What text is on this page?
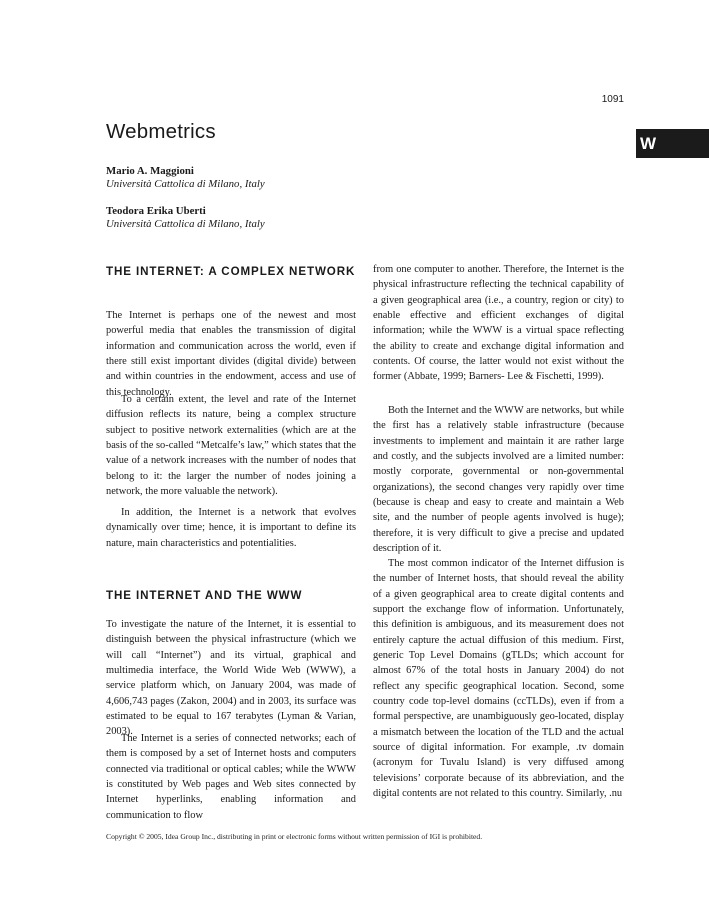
1091
W
Webmetrics
Mario A. Maggioni
Università Cattolica di Milano, Italy
Teodora Erika Uberti
Università Cattolica di Milano, Italy
THE INTERNET: A COMPLEX NETWORK

The Internet is perhaps one of the newest and most powerful media that enables the transmission of digital information and communication across the world, even if there still exist important divides (digital divide) between and within countries in the endowment, access and use of this technology.

To a certain extent, the level and rate of the Internet diffusion reflects its nature, being a complex structure subject to positive network externalities (which are at the basis of the so-called “Metcalfe’s law,” which states that the value of a network increases with the number of nodes that belong to it: the larger the number of nodes joining a network, the more valuable the network).

In addition, the Internet is a network that evolves dynamically over time; hence, it is important to define its nature, main characteristics and potentialities.

THE INTERNET AND THE WWW

To investigate the nature of the Internet, it is essential to distinguish between the physical infrastructure (which we will call “Internet”) and its virtual, graphical and multimedia interface, the World Wide Web (WWW), a service platform which, on January 2004, was made of 4,606,743 pages (Zakon, 2004) and in 2003, its surface was estimated to be equal to 167 terabytes (Lyman & Varian, 2003).

The Internet is a series of connected networks; each of them is composed by a set of Internet hosts and computers connected via traditional or optical cables; while the WWW is constituted by Web pages and Web sites connected by Internet hyperlinks, enabling information and communication to flow

from one computer to another. Therefore, the Internet is the physical infrastructure reflecting the technical capability of a given geographical area (i.e., a country, region or city) to enable effective and efficient exchanges of digital information; while the WWW is a virtual space reflecting the ability to create and exchange digital information and contents. Of course, the latter would not exist without the former (Abbate, 1999; Barners- Lee & Fischetti, 1999).

Both the Internet and the WWW are networks, but while the first has a relatively stable infrastructure (because investments to implement and maintain it are rather large and costly, and the subjects involved are a limited number: mostly corporate, governmental or non-governmental organizations), the second changes very rapidly over time (because is cheap and easy to create and maintain a Web site, and the number of people agents involved is huge); therefore, it is very difficult to give a precise and updated description of it.

The most common indicator of the Internet diffusion is the number of Internet hosts, that should reveal the ability of a given geographical area to create digital contents and support the exchange flow of information. Unfortunately, this definition is ambiguous, and its measurement does not entirely capture the actual diffusion of this medium. First, generic Top Level Domains (gTLDs; which account for almost 67% of the total hosts in January 2004) do not reflect any specific geographical location. Second, some country code top-level domains (ccTLDs), even if from a formal perspective, are unambiguously geo-located, display a mismatch between the location of the TLD and the actual source of digital information. For example, .tv domain (acronym for Tuvalu Island) is very diffused among televisions’ corporate because of its abbreviation, and the digital contents are not related to this country. Similarly, .nu

Copyright © 2005, Idea Group Inc., distributing in print or electronic forms without written permission of IGI is prohibited.
